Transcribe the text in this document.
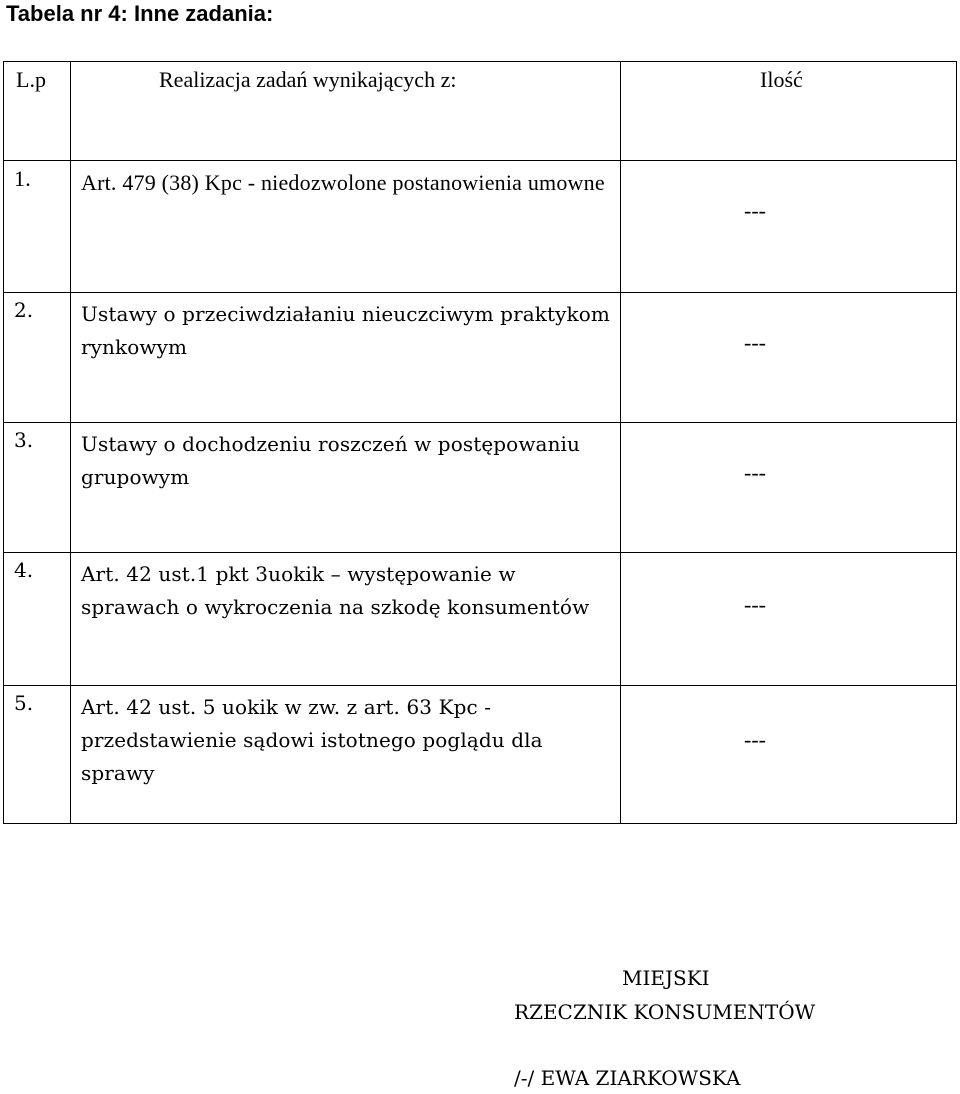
Tabela nr 4: Inne zadania:
L.p	Realizacja zadań wynikających z:	Ilość
1.	Art. 479 (38) Kpc - niedozwolone postanowienia umowne	---

2.	Ustawy o przeciwdziałaniu nieuczciwym praktykom rynkowym	---

3.	Ustawy o dochodzeniu roszczeń w postępowaniu grupowym	---

4.	Art. 42 ust.1 pkt 3uokik – występowanie w sprawach o wykroczenia na szkodę konsumentów	---

5.	Art. 42 ust. 5 uokik w zw. z art. 63 Kpc - przedstawienie sądowi istotnego poglądu dla sprawy	---
MIEJSKI
RZECZNIK KONSUMENTÓW
/-/ EWA ZIARKOWSKA
